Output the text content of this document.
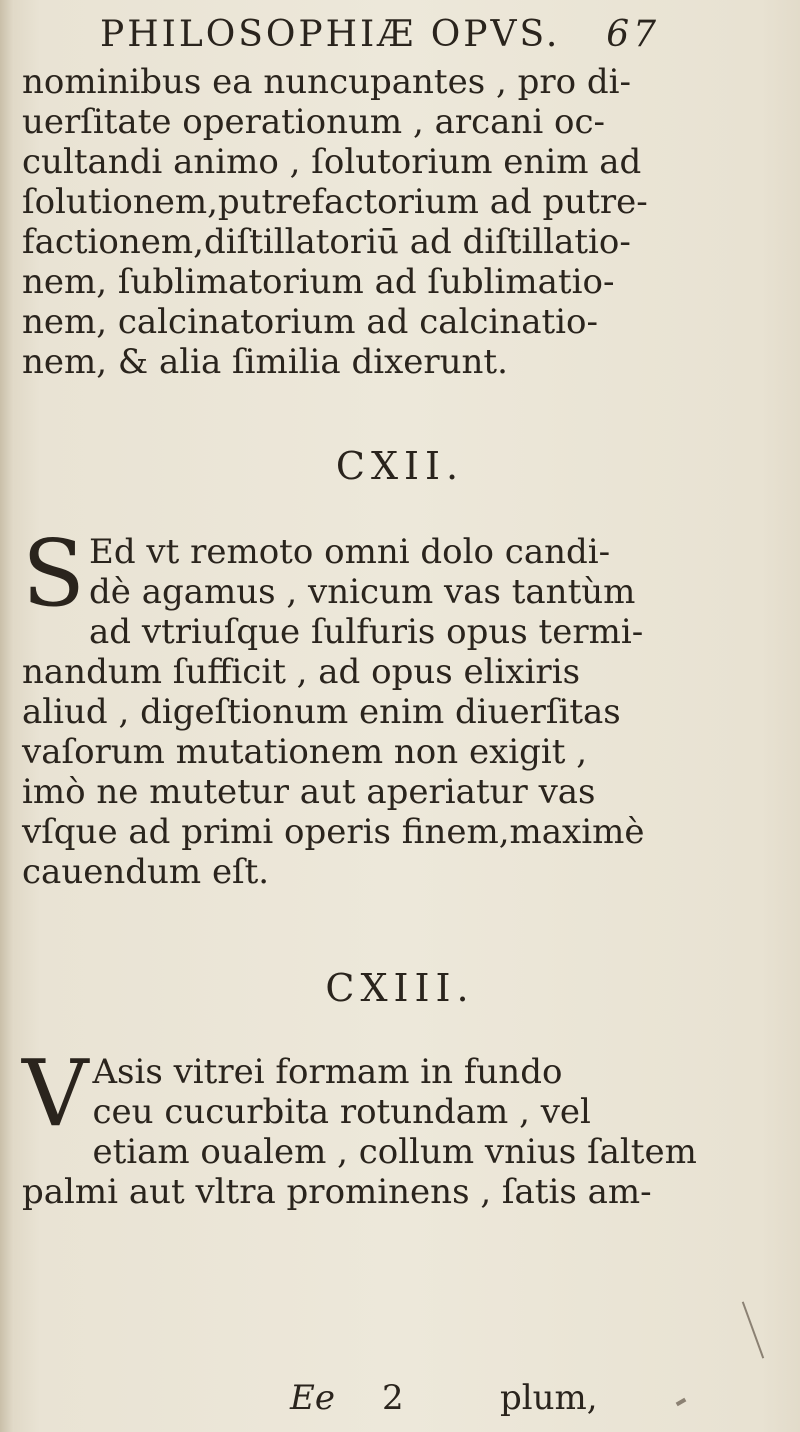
PHILOSOPHIÆ OPVS. 67
nominibus ea nuncupantes , pro di-
uerſitate operationum , arcani oc-
cultandi animo , ſolutorium enim ad
ſolutionem,putrefactorium ad putre-
factionem,diſtillatoriū ad diſtillatio-
nem, ſublimatorium ad ſublimatio-
nem, calcinatorium ad calcinatio-
nem, & alia ſimilia dixerunt.
CXII.
S Ed vt remoto omni dolo candi-
dè agamus , vnicum vas tantùm
ad vtriuſque ſulfuris opus termi-
nandum ſufficit , ad opus elixiris
aliud , digeſtionum enim diuerſitas
vaſorum mutationem non exigit ,
imò ne mutetur aut aperiatur vas
vſque ad primi operis finem,maximè
cauendum eſt.
CXIII.
V Asis vitrei formam in fundo
ceu cucurbita rotundam , vel
etiam oualem , collum vnius ſaltem
palmi aut vltra prominens , ſatis am-
Ee 2	plum,
